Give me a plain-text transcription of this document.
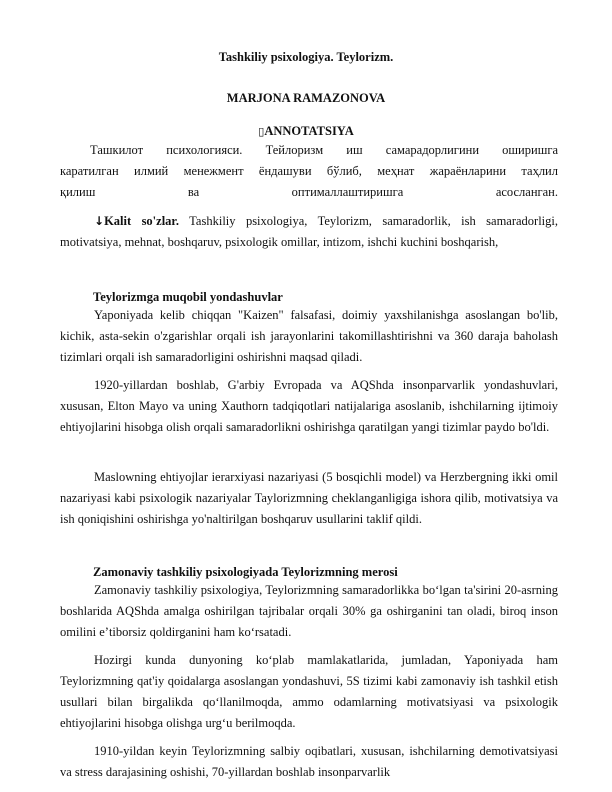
Tashkiliy psixologiya. Teylorizm.
MARJONA RAMAZONOVA
▯ANNOTATSIYA
Ташкилот психологияси. Тейлоризм иш самарадорлигини оширишга
каратилган илмий менежмент ёндашуви бўлиб, меҳнат жараёнларини таҳлил
қилиш ва оптималлаштиришга асосланган.
↓Kalit so'zlar. Tashkiliy psixologiya, Teylorizm, samaradorlik, ish samaradorligi, motivatsiya, mehnat, boshqaruv, psixologik omillar, intizom, ishchi kuchini boshqarish,
Teylorizmga muqobil yondashuvlar
Yaponiyada kelib chiqqan "Kaizen" falsafasi, doimiy yaxshilanishga asoslangan bo'lib, kichik, asta-sekin o'zgarishlar orqali ish jarayonlarini takomillashtirishni va 360 daraja baholash tizimlari orqali ish samaradorligini oshirishni maqsad qiladi.
1920-yillardan boshlab, G'arbiy Evropada va AQShda insonparvarlik yondashuvlari, xususan, Elton Mayo va uning Xauthorn tadqiqotlari natijalariga asoslanib, ishchilarning ijtimoiy ehtiyojlarini hisobga olish orqali samaradorlikni oshirishga qaratilgan yangi tizimlar paydo bo'ldi.
Maslowning ehtiyojlar ierarxiyasi nazariyasi (5 bosqichli model) va Herzbergning ikki omil nazariyasi kabi psixologik nazariyalar Taylorizmning cheklanganligiga ishora qilib, motivatsiya va ish qoniqishini oshirishga yo'naltirilgan boshqaruv usullarini taklif qildi.
Zamonaviy tashkiliy psixologiyada Teylorizmning merosi
Zamonaviy tashkiliy psixologiya, Teylorizmning samaradorlikka boʻlgan ta'sirini 20-asrning boshlarida AQShda amalga oshirilgan tajribalar orqali 30% ga oshirganini tan oladi, biroq inson omilini eʼtiborsiz qoldirganini ham koʻrsatadi.
Hozirgi kunda dunyoning koʻplab mamlakatlarida, jumladan, Yaponiyada ham Teylorizmning qat'iy qoidalarga asoslangan yondashuvi, 5S tizimi kabi zamonaviy ish tashkil etish usullari bilan birgalikda qoʻllanilmoqda, ammo odamlarning motivatsiyasi va psixologik ehtiyojlarini hisobga olishga urgʻu berilmoqda.
1910-yildan keyin Teylorizmning salbiy oqibatlari, xususan, ishchilarning demotivatsiyasi va stress darajasining oshishi, 70-yillardan boshlab insonparvarlik
